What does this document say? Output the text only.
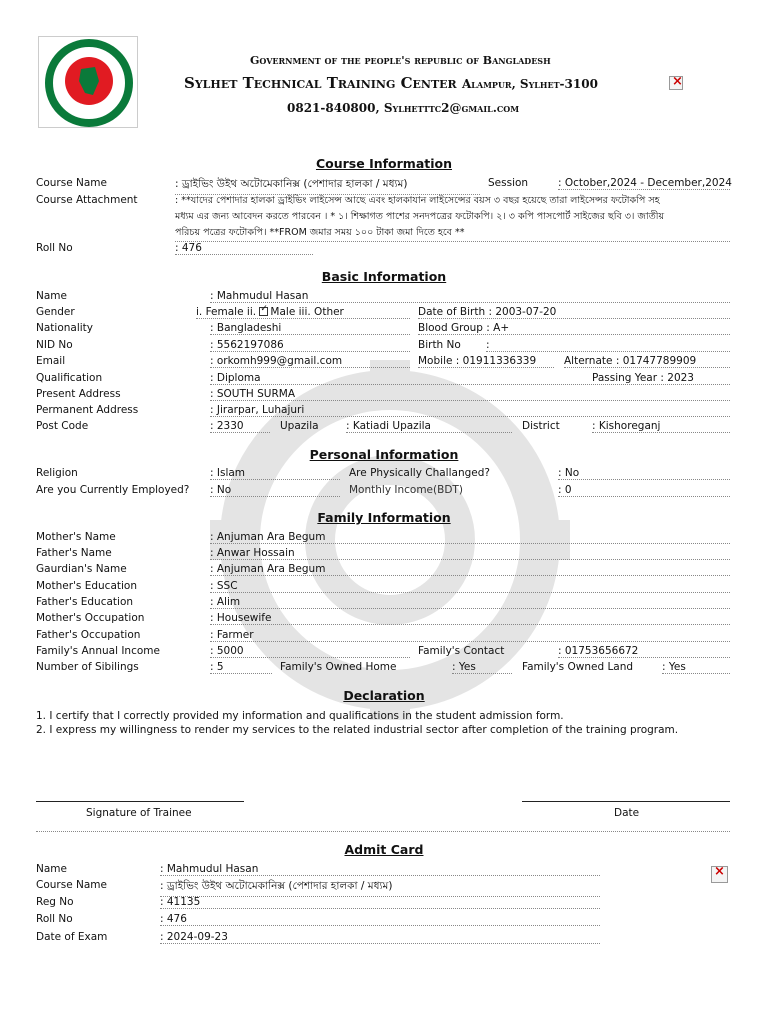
Government of the people's republic of Bangladesh
Sylhet Technical Training Center Alampur, Sylhet-3100
0821-840800, Sylhetttc2@gmail.com
×
Course Information
Course Name	: ড্রাইভিং উইথ অটোমেকানিক্স (পেশাদার হালকা / মধ্যম)	Session	: October,2024 - December,2024
Course Attachment	: **যাদের পেশাদার হালকা ড্রাইভিং লাইসেন্স আছে এবং হালকাযান লাইসেন্সের বয়স ৩ বছর হয়েছে তারা লাইসেন্সর ফটোকপি সহ
মধ্যম এর জন্য আবেদন করতে পারবেন । * ১। শিক্ষাগত পাশের সনদপত্রের ফটোকপি। ২। ৩ কপি পাসপোর্ট সাইজের ছবি ৩। জাতীয়
পরিচয় পত্রের ফটোকপি। **FROM জমার সময় ১০০ টাকা জমা দিতে হবে **
Roll No	: 476
Basic Information
Name	: Mahmudul Hasan
Gender	i. Female ii. ✓ Male iii. Other	Date of Birth : 2003-07-20
Nationality	: Bangladeshi	Blood Group : A+
NID No	: 5562197086	Birth No :
Email	: orkomh999@gmail.com	Mobile : 01911336339	Alternate : 01747789909
Qualification	: Diploma	Passing Year : 2023
Present Address	: SOUTH SURMA
Permanent Address	: Jirarpar, Luhajuri
Post Code	: 2330	Upazila	: Katiadi Upazila	District	: Kishoreganj
Personal Information
Religion	: Islam	Are Physically Challanged?	: No
Are you Currently Employed? : No	Monthly Income(BDT)	: 0
Family Information
Mother's Name	: Anjuman Ara Begum
Father's Name	: Anwar Hossain
Gaurdian's Name	: Anjuman Ara Begum
Mother's Education	: SSC
Father's Education	: Alim
Mother's Occupation	: Housewife
Father's Occupation	: Farmer
Family's Annual Income	: 5000	Family's Contact	: 01753656672
Number of Sibilings	: 5	Family's Owned Home	: Yes	Family's Owned Land	: Yes
Declaration
1. I certify that I correctly provided my information and qualifications in the student admission form.
2. I express my willingness to render my services to the related industrial sector after completion of the training program.
Signature of Trainee	Date
Admit Card
Name	: Mahmudul Hasan
Course Name	: ড্রাইভিং উইথ অটোমেকানিক্স (পেশাদার হালকা / মধ্যম)
Reg No	: 41135
Roll No	: 476
Date of Exam	: 2024-09-23
×
